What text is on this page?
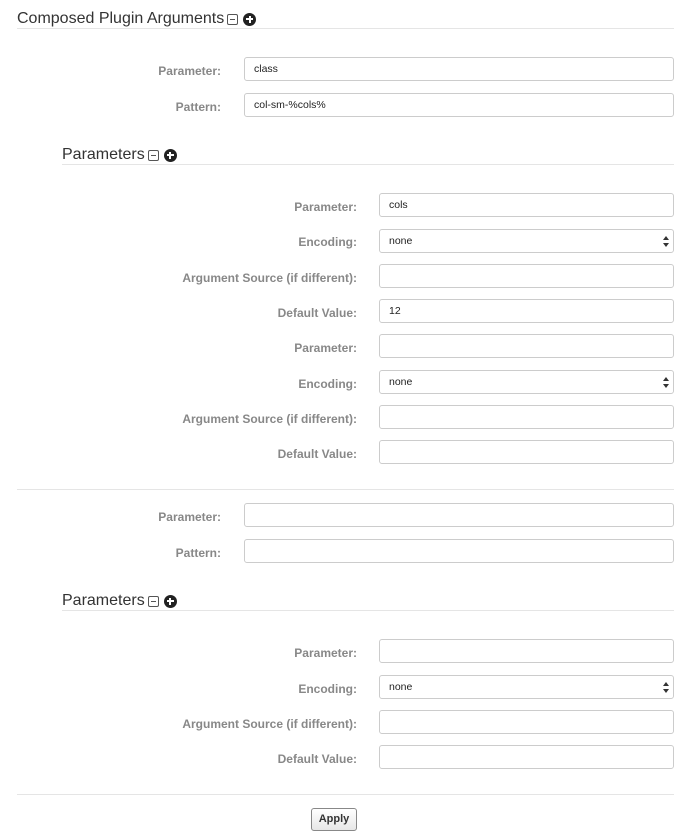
Composed Plugin Arguments
Parameter:	class
Pattern:	col-sm-%cols%
Parameters
Parameter:	cols
Encoding:	none
Argument Source (if different):
Default Value:	12
Parameter:
Encoding:	none
Argument Source (if different):
Default Value:
Parameter:
Pattern:
Parameters
Parameter:
Encoding:	none
Argument Source (if different):
Default Value:
Apply
